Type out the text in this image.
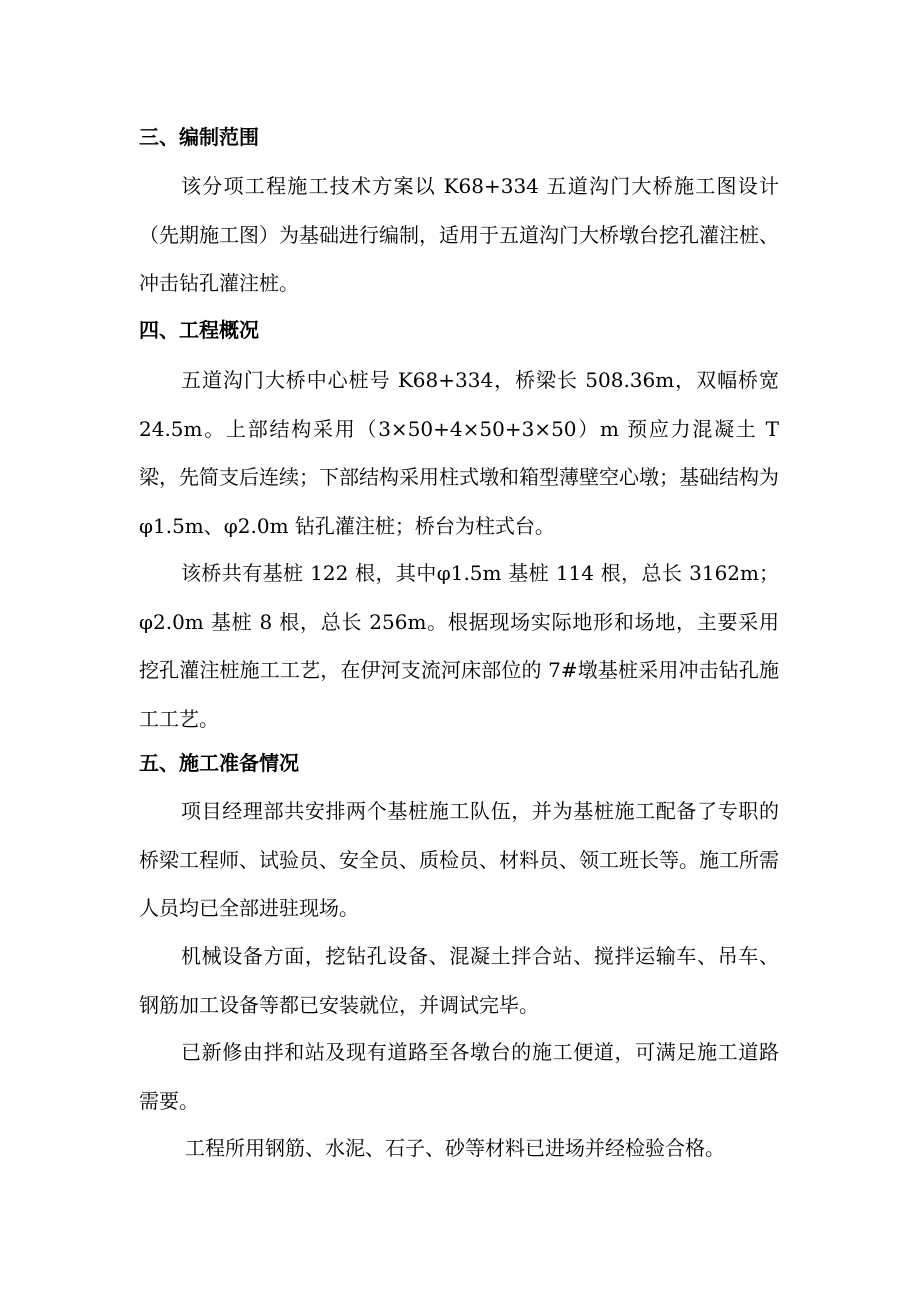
三、编制范围
该分项工程施工技术方案以 K68+334 五道沟门大桥施工图设计（先期施工图）为基础进行编制，适用于五道沟门大桥墩台挖孔灌注桩、冲击钻孔灌注桩。
四、工程概况
五道沟门大桥中心桩号 K68+334，桥梁长 508.36m，双幅桥宽 24.5m。上部结构采用（3×50+4×50+3×50）m 预应力混凝土 T 梁，先简支后连续；下部结构采用柱式墩和箱型薄壁空心墩；基础结构为φ1.5m、φ2.0m 钻孔灌注桩；桥台为柱式台。
该桥共有基桩 122 根，其中φ1.5m 基桩 114 根，总长 3162m；φ2.0m 基桩 8 根，总长 256m。根据现场实际地形和场地，主要采用挖孔灌注桩施工工艺，在伊河支流河床部位的 7#墩基桩采用冲击钻孔施工工艺。
五、施工准备情况
项目经理部共安排两个基桩施工队伍，并为基桩施工配备了专职的桥梁工程师、试验员、安全员、质检员、材料员、领工班长等。施工所需人员均已全部进驻现场。
机械设备方面，挖钻孔设备、混凝土拌合站、搅拌运输车、吊车、钢筋加工设备等都已安装就位，并调试完毕。
已新修由拌和站及现有道路至各墩台的施工便道，可满足施工道路需要。
工程所用钢筋、水泥、石子、砂等材料已进场并经检验合格。
